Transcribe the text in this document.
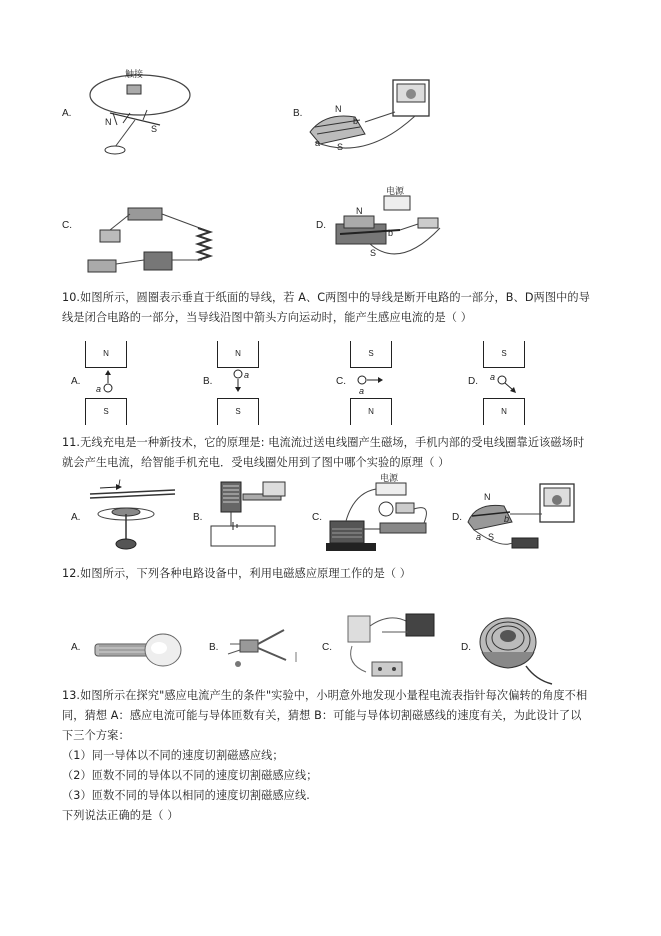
A.
触接
N
S
B.	N
b
a S
C.	D.
电源
N
b
S
10.如图所示，圆圈表示垂直于纸面的导线，若 A、C两图中的导线是断开电路的一部分，B、D两图中的导
线是闭合电路的一部分，当导线沿图中箭头方向运动时，能产生感应电流的是（ ）
A.
N
S
a
B.
N
S
a
C.
S
N
a
D.
S
N
a
11.无线充电是一种新技术，它的原理是: 电流流过送电线圈产生磁场，手机内部的受电线圈靠近该磁场时
就会产生电流，给智能手机充电．受电线圈处用到了图中哪个实验的原理（ ）
A.
I
B.	C.
电源
D.
N
a
b
S
12.如图所示，下列各种电路设备中，利用电磁感应原理工作的是（ ）
A.	B.	C.	D.
13.如图所示在探究"感应电流产生的条件"实验中，小明意外地发现小量程电流表指针每次偏转的角度不相
同，猜想 A：感应电流可能与导体匝数有关，猜想 B：可能与导体切割磁感线的速度有关，为此设计了以
下三个方案：
（1）同一导体以不同的速度切割磁感应线；
（2）匝数不同的导体以不同的速度切割磁感应线；
（3）匝数不同的导体以相同的速度切割磁感应线.
下列说法正确的是（ ）
